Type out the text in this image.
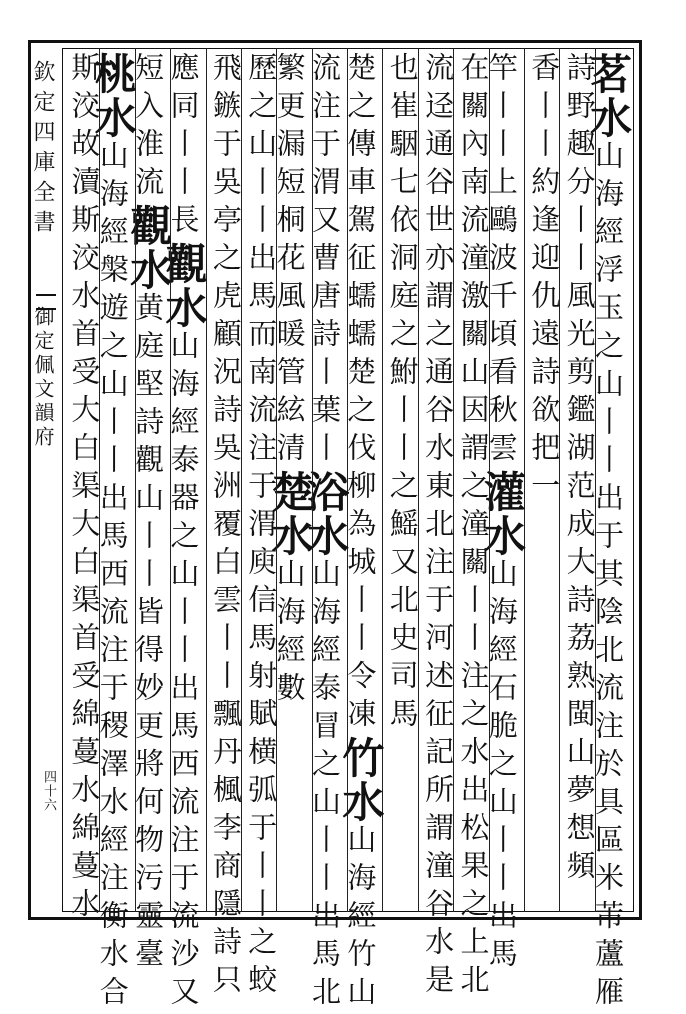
欽定四庫全書
御定佩文韻府
四十六
茗水山海經浮玉之山丨丨出于其陰北流注於具區米芾蘆雁
詩野趣分丨丨風光剪鑑湖范成大詩荔熟閩山夢想頻
香丨丨約逢迎仇遠詩欲把一
竿丨丨上鷗波千頃看秋雲灌水山海經石脆之山丨丨出馬
在關內南流潼激關山因謂之潼關丨丨注之水出松果之上北
流迳通谷世亦謂之通谷水東北注于河述征記所謂潼谷水是
也崔駰七依洞庭之鮒丨丨之鰩又北史司馬
楚之傳車駕征蠕蠕楚之伐柳為城丨丨令凍竹水山海經竹山
流注于渭又曹唐詩丨葉丨浴水山海經泰冒之山丨丨出馬北
繁更漏短桐花風暖管絃清楚水山海經數
歷之山丨丨出馬而南流注于渭庾信馬射賦横弧于丨丨之蛟
飛鏃于吳亭之虎顧況詩吳洲覆白雲丨丨飄丹楓李商隱詩只
應同丨丨長觀水山海經泰器之山丨丨出馬西流注于流沙又
短入淮流觀水黄庭堅詩觀山丨丨皆得妙更將何物污靈臺
桃水山海經槃遊之山丨丨出馬西流注于稷澤水經注衡水合
斯洨故瀆斯洨水首受大白渠大白渠首受綿蔓水綿蔓水
